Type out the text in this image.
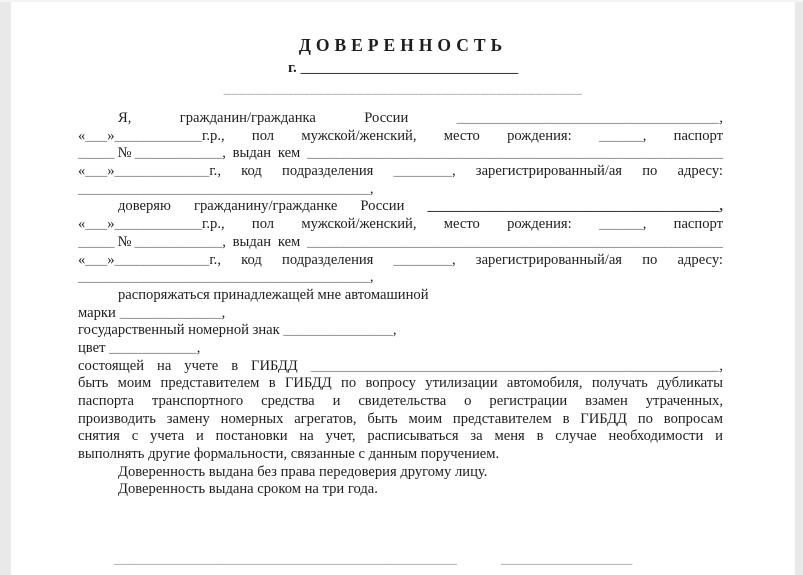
ДОВЕРЕННОСТЬ
г. _____________________________
______________________________________________
Я, гражданин/гражданка России ____________________________________,
«___»____________г.р., пол мужской/женский, место рождения: ______, паспорт
_____№____________, выдан кем _________________________________________________________
«___»_____________г., код подразделения ________, зарегистрированный/ая по адресу:
________________________________________,
доверяю гражданину/гражданке России ________________________________________,
«___»____________г.р., пол мужской/женский, место рождения: ______, паспорт
_____№____________, выдан кем _________________________________________________________
«___»_____________г., код подразделения ________, зарегистрированный/ая по адресу:
________________________________________,
распоряжаться принадлежащей мне автомашиной
марки ______________,
государственный номерной знак _______________,
цвет ____________,
состоящей на учете в ГИБДД ________________________________________________________,
быть моим представителем в ГИБДД по вопросу утилизации автомобиля, получать дубликаты
паспорта транспортного средства и свидетельства о регистрации взамен утраченных,
производить замену номерных агрегатов, быть моим представителем в ГИБДД по вопросам
снятия с учета и постановки на учет, расписываться за меня в случае необходимости и
выполнять другие формальности, связанные с данным поручением.
Доверенность выдана без права передоверия другому лицу.
Доверенность выдана сроком на три года.
_______________________________________________	__________________
